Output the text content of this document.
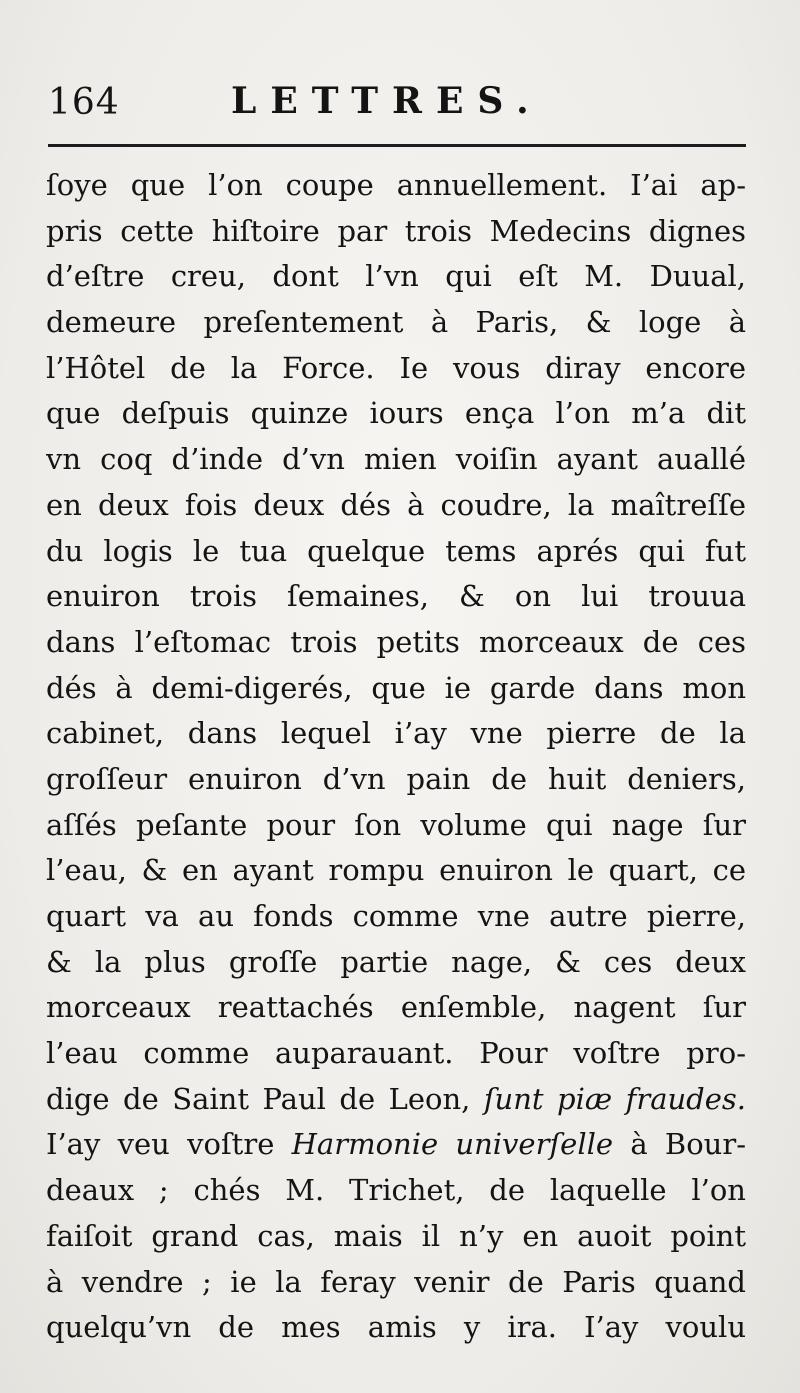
164	LETTRES.
ſoye que l’on coupe annuellement. I’ai ap-
pris cette hiſtoire par trois Medecins dignes
d’eſtre creu, dont l’vn qui eſt M. Duual,
demeure preſentement à Paris, & loge à
l’Hôtel de la Force. Ie vous diray encore
que deſpuis quinze iours ença l’on m’a dit
vn coq d’inde d’vn mien voiſin ayant auallé
en deux fois deux dés à coudre, la maîtreſſe
du logis le tua quelque tems aprés qui fut
enuiron trois ſemaines, & on lui trouua
dans l’eſtomac trois petits morceaux de ces
dés à demi-digerés, que ie garde dans mon
cabinet, dans lequel i’ay vne pierre de la
groſſeur enuiron d’vn pain de huit deniers,
aſſés peſante pour ſon volume qui nage ſur
l’eau, & en ayant rompu enuiron le quart, ce
quart va au fonds comme vne autre pierre,
& la plus groſſe partie nage, & ces deux
morceaux reattachés enſemble, nagent ſur
l’eau comme auparauant. Pour voſtre pro-
dige de Saint Paul de Leon, ſunt piæ fraudes.
I’ay veu voſtre Harmonie univerſelle à Bour-
deaux ; chés M. Trichet, de laquelle l’on
faiſoit grand cas, mais il n’y en auoit point
à vendre ; ie la feray venir de Paris quand
quelqu’vn de mes amis y ira. I’ay voulu
